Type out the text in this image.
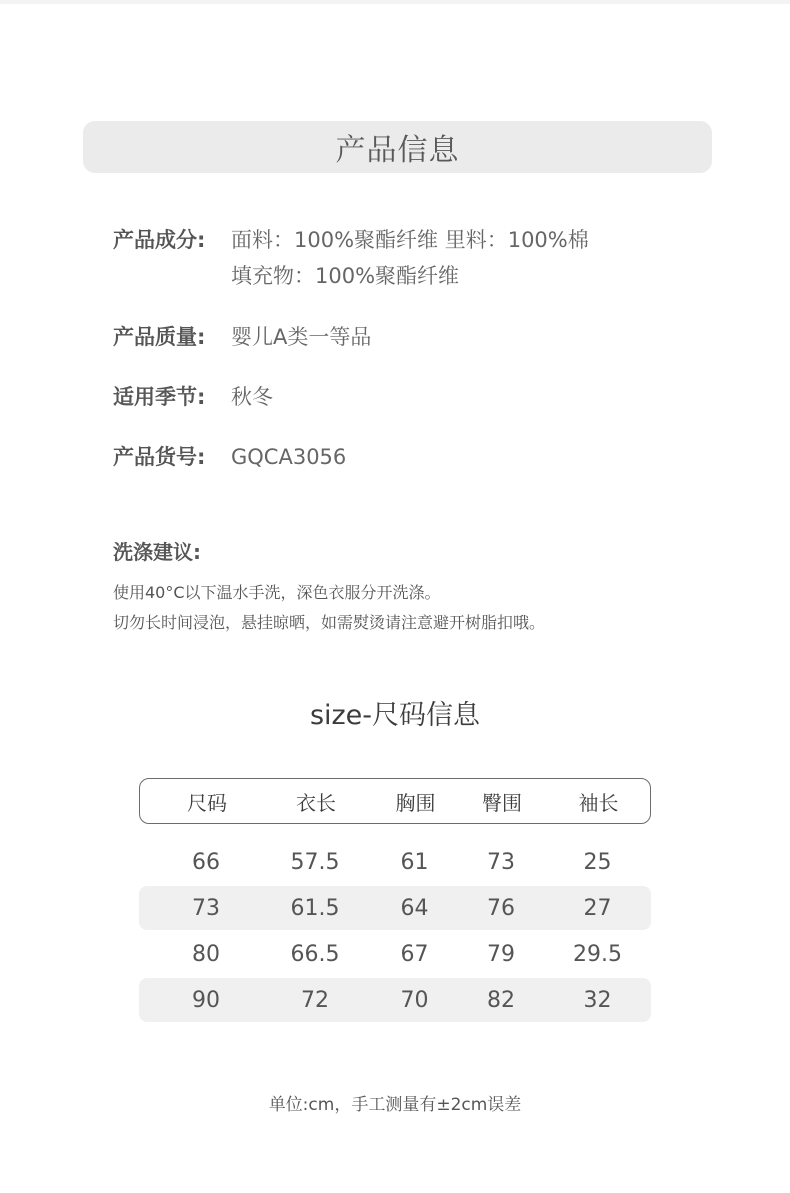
产品信息
产品成分:	面料：100%聚酯纤维 里料：100%棉
填充物：100%聚酯纤维
产品质量:	婴儿A类一等品
适用季节:	秋冬
产品货号:	GQCA3056
洗涤建议:
使用40°C以下温水手洗，深色衣服分开洗涤。
切勿长时间浸泡，悬挂晾晒，如需熨烫请注意避开树脂扣哦。
size-尺码信息
尺码	衣长	胸围	臀围	袖长
66	57.5	61	73	25
73	61.5	64	76	27
80	66.5	67	79	29.5
90	72	70	82	32
单位:cm，手工测量有±2cm误差
